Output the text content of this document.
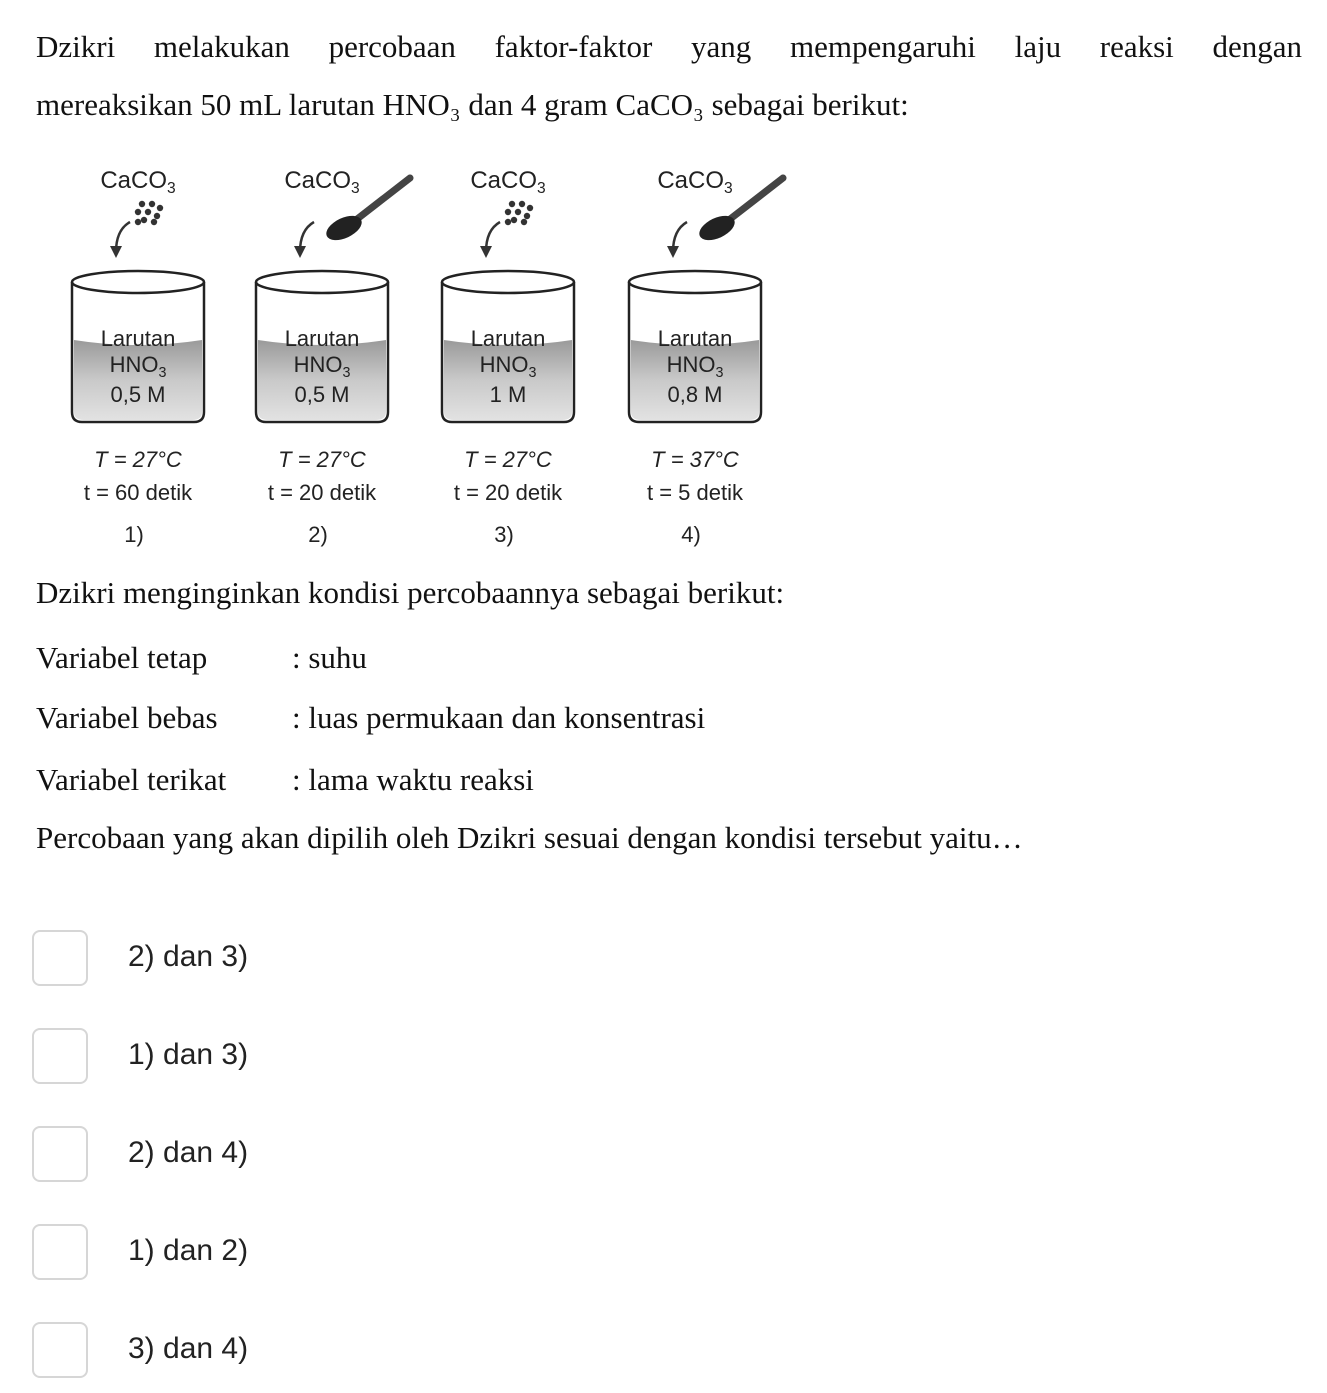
Dzikri melakukan percobaan faktor-faktor yang mempengaruhi laju reaksi dengan
mereaksikan 50 mL larutan HNO₃ dan 4 gram CaCO₃ sebagai berikut:
CaCO$_3$
Larutan
$HNO_3$
0,5 M
T = 27°C
t = 60 detik
1)
CaCO$_3$
Larutan
$HNO_3$
0,5 M
T = 27°C
t = 20 detik
2)
CaCO$_3$
Larutan
$HNO_3$
1 M
T = 27°C
t = 20 detik
3)
CaCO$_3$
Larutan
$HNO_3$
0,8 M
T = 37°C
t = 5 detik
4)
Dzikri menginginkan kondisi percobaannya sebagai berikut:
Variabel tetap	: suhu
Variabel bebas : luas permukaan dan konsentrasi
Variabel terikat : lama waktu reaksi
Percobaan yang akan dipilih oleh Dzikri sesuai dengan kondisi tersebut yaitu…
2) dan 3)
1) dan 3)
2) dan 4)
1) dan 2)
3) dan 4)
